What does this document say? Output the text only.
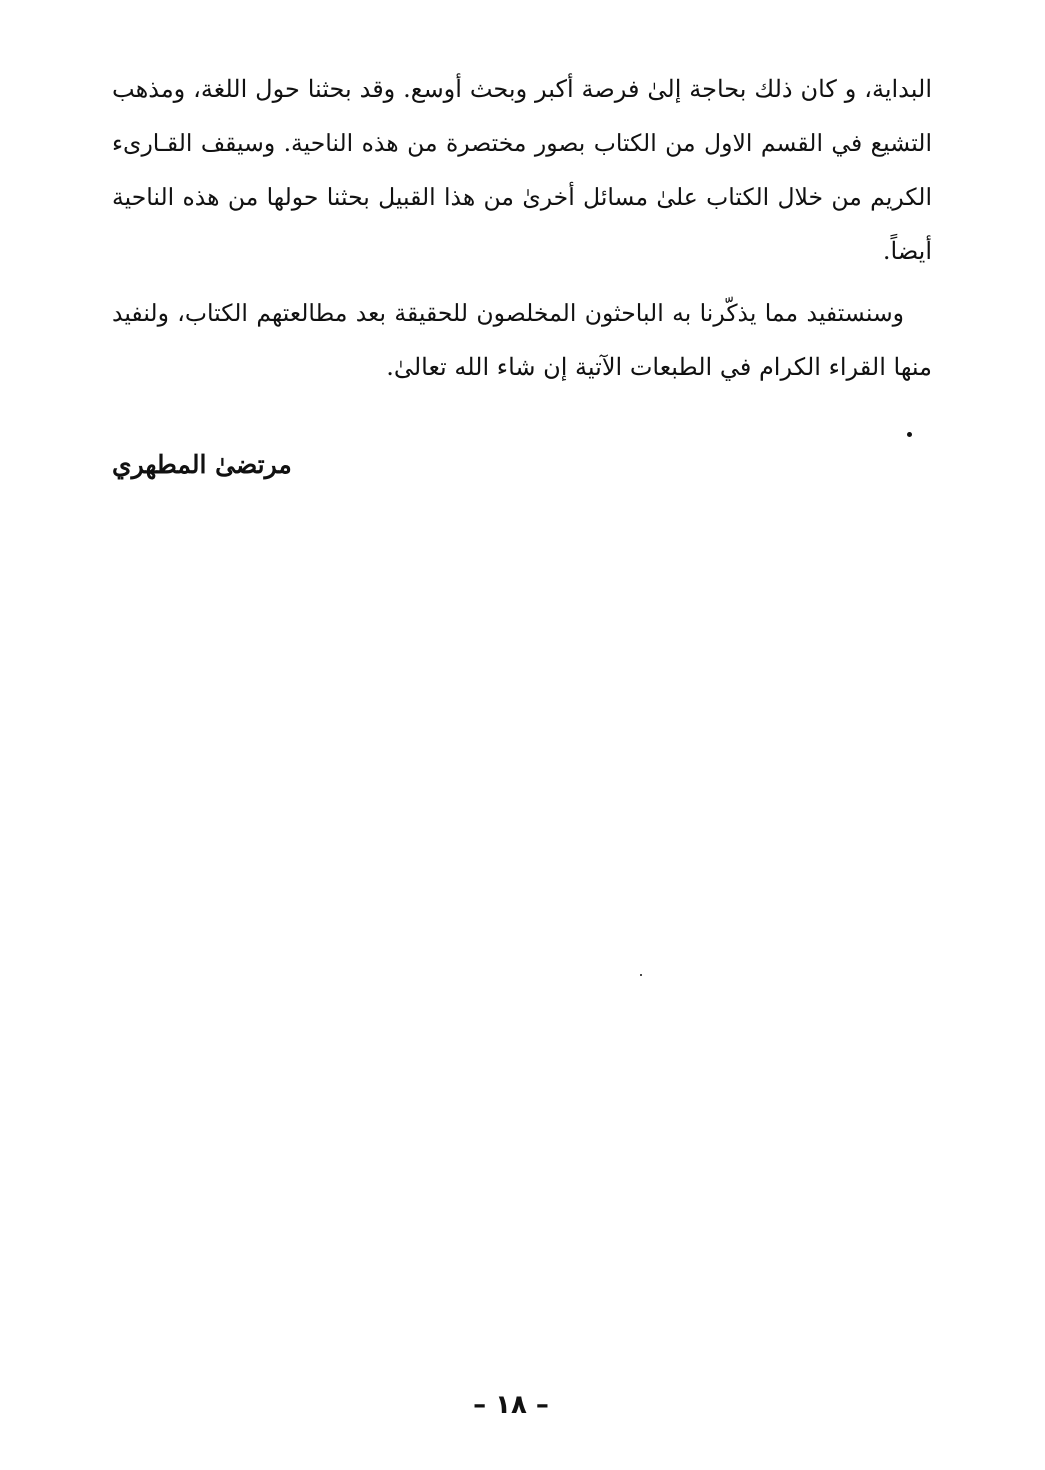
البداية، و كان ذلك بحاجة إلىٰ فرصة أكبر وبحث أوسع. وقد بحثنا حول اللغة، ومذهب
التشيع في القسم الاول من الكتاب بصور مختصرة من هذه الناحية. وسيقف القـارىء
الكريم من خلال الكتاب علىٰ مسائل أخرىٰ من هذا القبيل بحثنا حولها من هذه الناحية
أيضاً.
وسنستفيد مما يذكّرنا به الباحثون المخلصون للحقيقة بعد مطالعتهم الكتاب، ولنفيد
منها القراء الكرام في الطبعات الآتية إن شاء الله تعالىٰ.
مرتضىٰ المطهري
– ١٨ –
